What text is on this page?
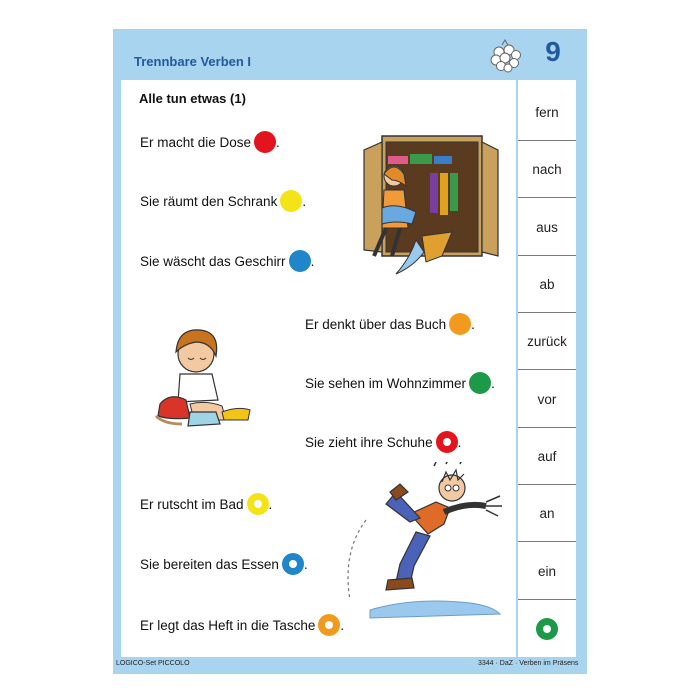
Trennbare Verben I	9
Alle tun etwas (1)
Er macht die Dose .
Sie räumt den Schrank .
Sie wäscht das Geschirr .
Er denkt über das Buch .
Sie sehen im Wohnzimmer .
Sie zieht ihre Schuhe .
Er rutscht im Bad .
Sie bereiten das Essen .
Er legt das Heft in die Tasche .
fern
nach
aus
ab
zurück
vor
auf
an
ein
LOGICO-Set PICCOLO	3344 · DaZ · Verben im Präsens
